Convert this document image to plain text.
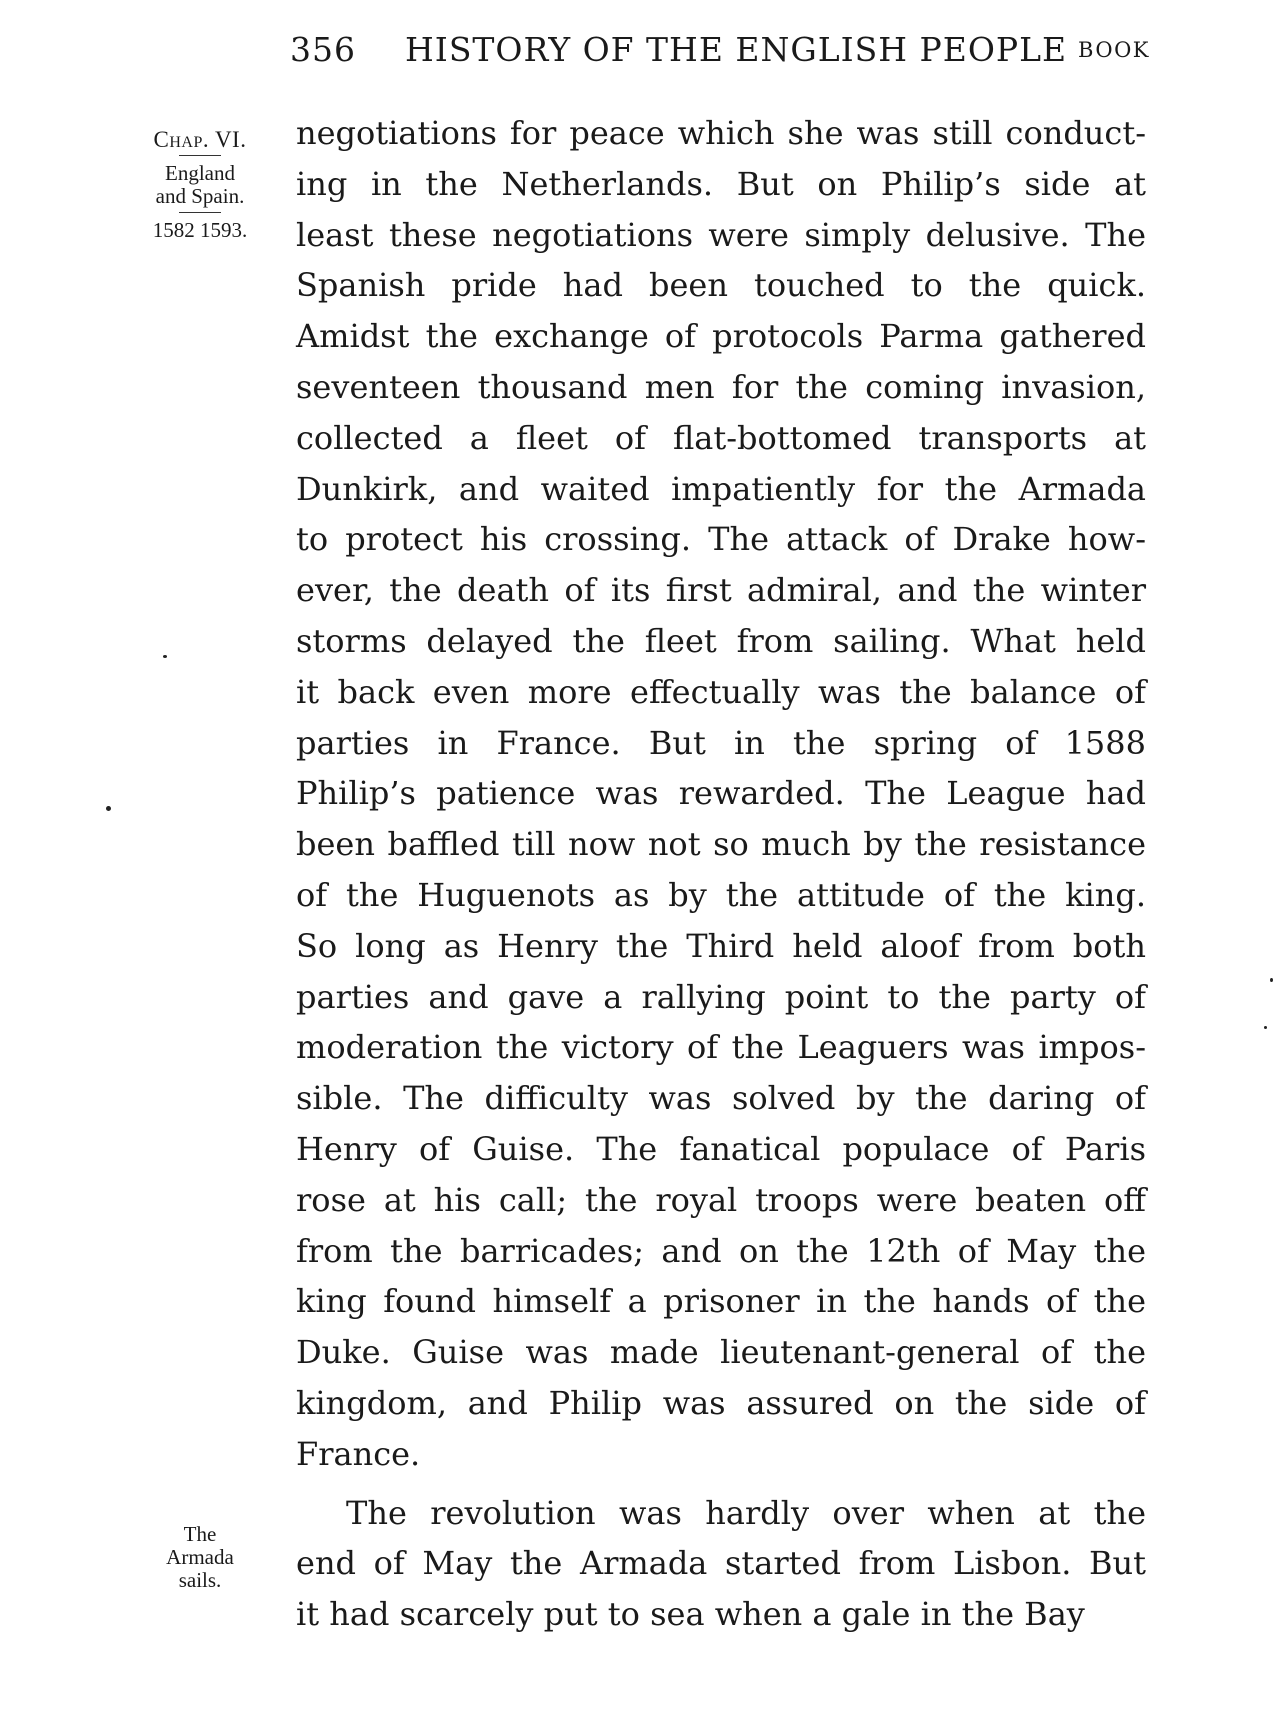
356 HISTORY OF THE ENGLISH PEOPLE BOOK
Chap. VI.
England
and Spain.
1582 1593.
The
Armada
sails.
negotiations for peace which she was still conduct-
ing in the Netherlands. But on Philip’s side at
least these negotiations were simply delusive. The
Spanish pride had been touched to the quick.
Amidst the exchange of protocols Parma gathered
seventeen thousand men for the coming invasion,
collected a fleet of flat-bottomed transports at
Dunkirk, and waited impatiently for the Armada
to protect his crossing. The attack of Drake how-
ever, the death of its first admiral, and the winter
storms delayed the fleet from sailing. What held
it back even more effectually was the balance of
parties in France. But in the spring of 1588
Philip’s patience was rewarded. The League had
been baffled till now not so much by the resistance
of the Huguenots as by the attitude of the king.
So long as Henry the Third held aloof from both
parties and gave a rallying point to the party of
moderation the victory of the Leaguers was impos-
sible. The difficulty was solved by the daring of
Henry of Guise. The fanatical populace of Paris
rose at his call; the royal troops were beaten off
from the barricades; and on the 12th of May the
king found himself a prisoner in the hands of the
Duke. Guise was made lieutenant-general of the
kingdom, and Philip was assured on the side of
France.
The revolution was hardly over when at the
end of May the Armada started from Lisbon. But
it had scarcely put to sea when a gale in the Bay
